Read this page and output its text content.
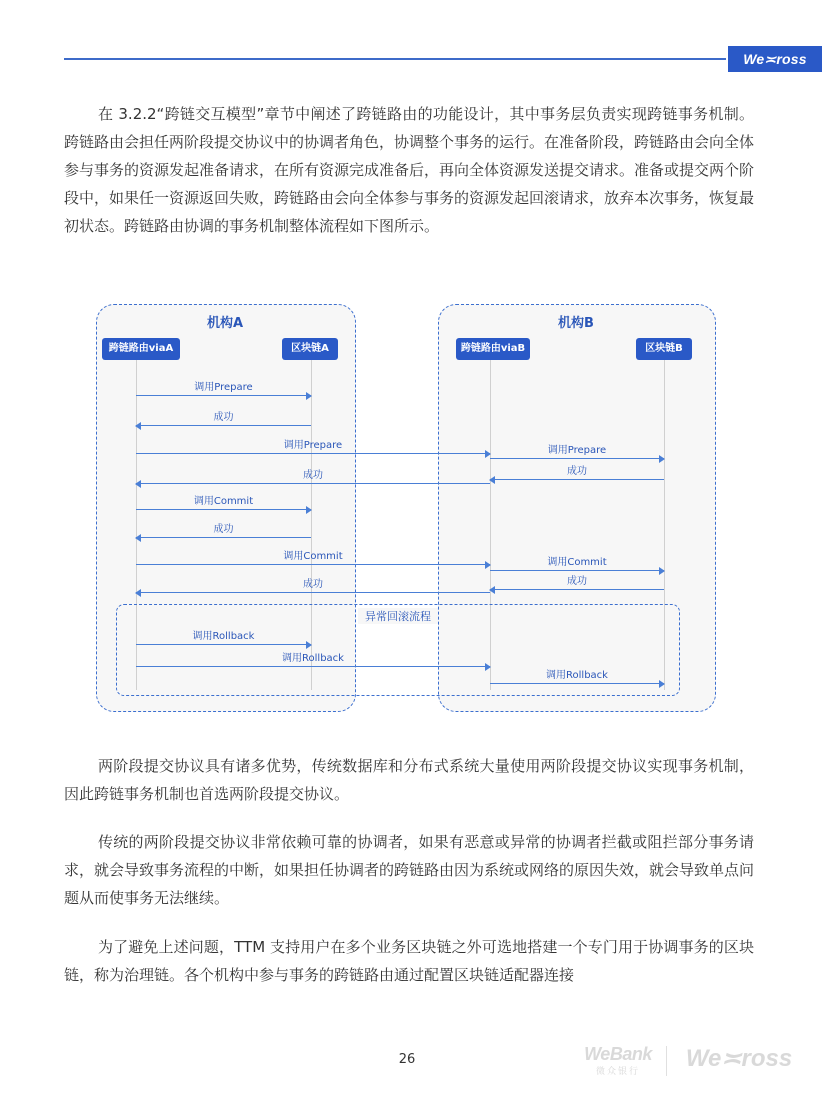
We≍ross

在 3.2.2“跨链交互模型”章节中阐述了跨链路由的功能设计，其中事务层负责实现跨链事务机制。跨链路由会担任两阶段提交协议中的协调者角色，协调整个事务的运行。在准备阶段，跨链路由会向全体参与事务的资源发起准备请求，在所有资源完成准备后，再向全体资源发送提交请求。准备或提交两个阶段中，如果任一资源返回失败，跨链路由会向全体参与事务的资源发起回滚请求，放弃本次事务，恢复最初状态。跨链路由协调的事务机制整体流程如下图所示。

机构A	机构B
跨链路由viaA	区块链A	跨链路由viaB	区块链B
异常回滚流程
调用Prepare
成功
调用Prepare	调用Prepare
成功
成功
调用Commit
成功
调用Commit
调用Commit
成功
成功
调用Rollback
调用Rollback
调用Rollback

两阶段提交协议具有诸多优势，传统数据库和分布式系统大量使用两阶段提交协议实现事务机制，因此跨链事务机制也首选两阶段提交协议。

传统的两阶段提交协议非常依赖可靠的协调者，如果有恶意或异常的协调者拦截或阻拦部分事务请求，就会导致事务流程的中断，如果担任协调者的跨链路由因为系统或网络的原因失效，就会导致单点问题从而使事务无法继续。

为了避免上述问题，TTM 支持用户在多个业务区块链之外可选地搭建一个专门用于协调事务的区块链，称为治理链。各个机构中参与事务的跨链路由通过配置区块链适配器连接

26	WeBank
微众银行	We≍ross
